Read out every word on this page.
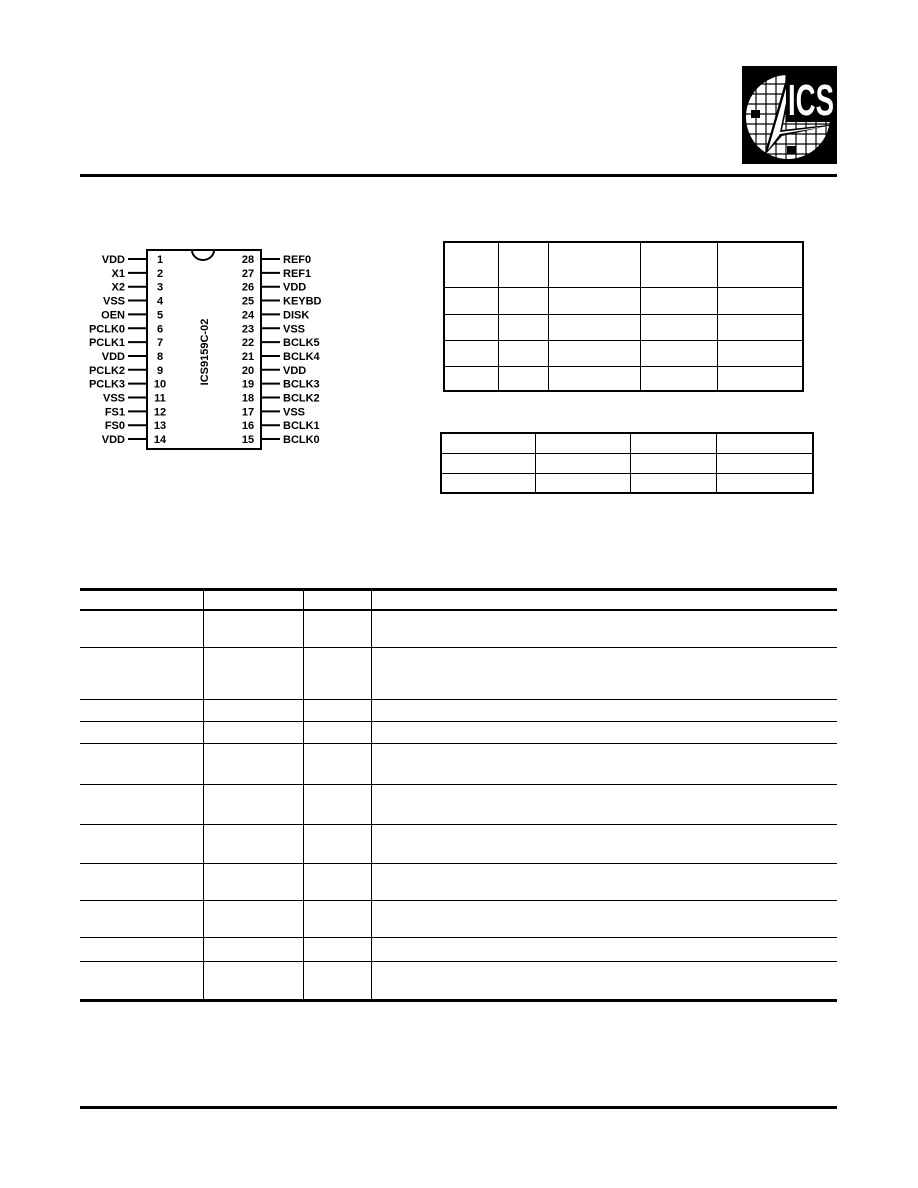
ICS
ICS9159C-02
VDD	1
X1	2
X2	3
VSS	4
OEN	5
PCLK0	6
PCLK1	7
VDD	8
PCLK2	9
PCLK3	10
VSS	11
FS1	12
FS0	13
VDD	14
28	REF0
27	REF1
26	VDD
25	KEYBD
24	DISK
23	VSS
22	BCLK5
21	BCLK4
20	VDD
19	BCLK3
18	BCLK2
17	VSS
16	BCLK1
15	BCLK0
